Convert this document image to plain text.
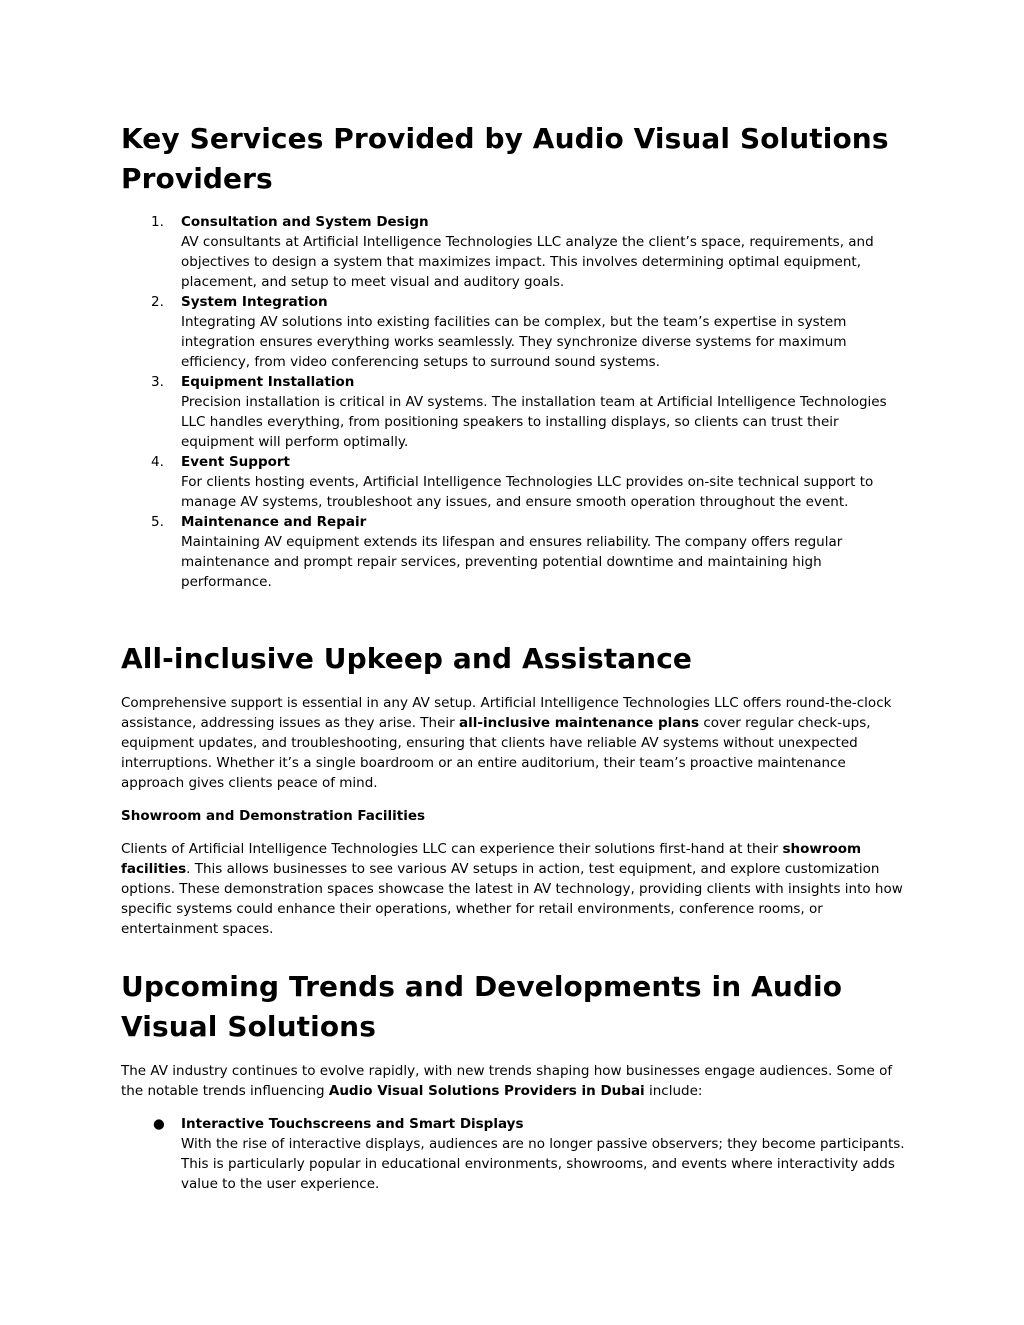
Key Services Provided by Audio Visual Solutions Providers
1. Consultation and System Design
AV consultants at Artificial Intelligence Technologies LLC analyze the client’s space, requirements, and objectives to design a system that maximizes impact. This involves determining optimal equipment, placement, and setup to meet visual and auditory goals.
2. System Integration
Integrating AV solutions into existing facilities can be complex, but the team’s expertise in system integration ensures everything works seamlessly. They synchronize diverse systems for maximum efficiency, from video conferencing setups to surround sound systems.
3. Equipment Installation
Precision installation is critical in AV systems. The installation team at Artificial Intelligence Technologies LLC handles everything, from positioning speakers to installing displays, so clients can trust their equipment will perform optimally.
4. Event Support
For clients hosting events, Artificial Intelligence Technologies LLC provides on-site technical support to manage AV systems, troubleshoot any issues, and ensure smooth operation throughout the event.
5. Maintenance and Repair
Maintaining AV equipment extends its lifespan and ensures reliability. The company offers regular maintenance and prompt repair services, preventing potential downtime and maintaining high performance.
All-inclusive Upkeep and Assistance

Comprehensive support is essential in any AV setup. Artificial Intelligence Technologies LLC offers round-the-clock assistance, addressing issues as they arise. Their all-inclusive maintenance plans cover regular check-ups, equipment updates, and troubleshooting, ensuring that clients have reliable AV systems without unexpected interruptions. Whether it’s a single boardroom or an entire auditorium, their team’s proactive maintenance approach gives clients peace of mind.

Showroom and Demonstration Facilities

Clients of Artificial Intelligence Technologies LLC can experience their solutions first-hand at their showroom facilities. This allows businesses to see various AV setups in action, test equipment, and explore customization options. These demonstration spaces showcase the latest in AV technology, providing clients with insights into how specific systems could enhance their operations, whether for retail environments, conference rooms, or entertainment spaces.

Upcoming Trends and Developments in Audio Visual Solutions

The AV industry continues to evolve rapidly, with new trends shaping how businesses engage audiences. Some of the notable trends influencing Audio Visual Solutions Providers in Dubai include:

● Interactive Touchscreens and Smart Displays
With the rise of interactive displays, audiences are no longer passive observers; they become participants. This is particularly popular in educational environments, showrooms, and events where interactivity adds value to the user experience.
